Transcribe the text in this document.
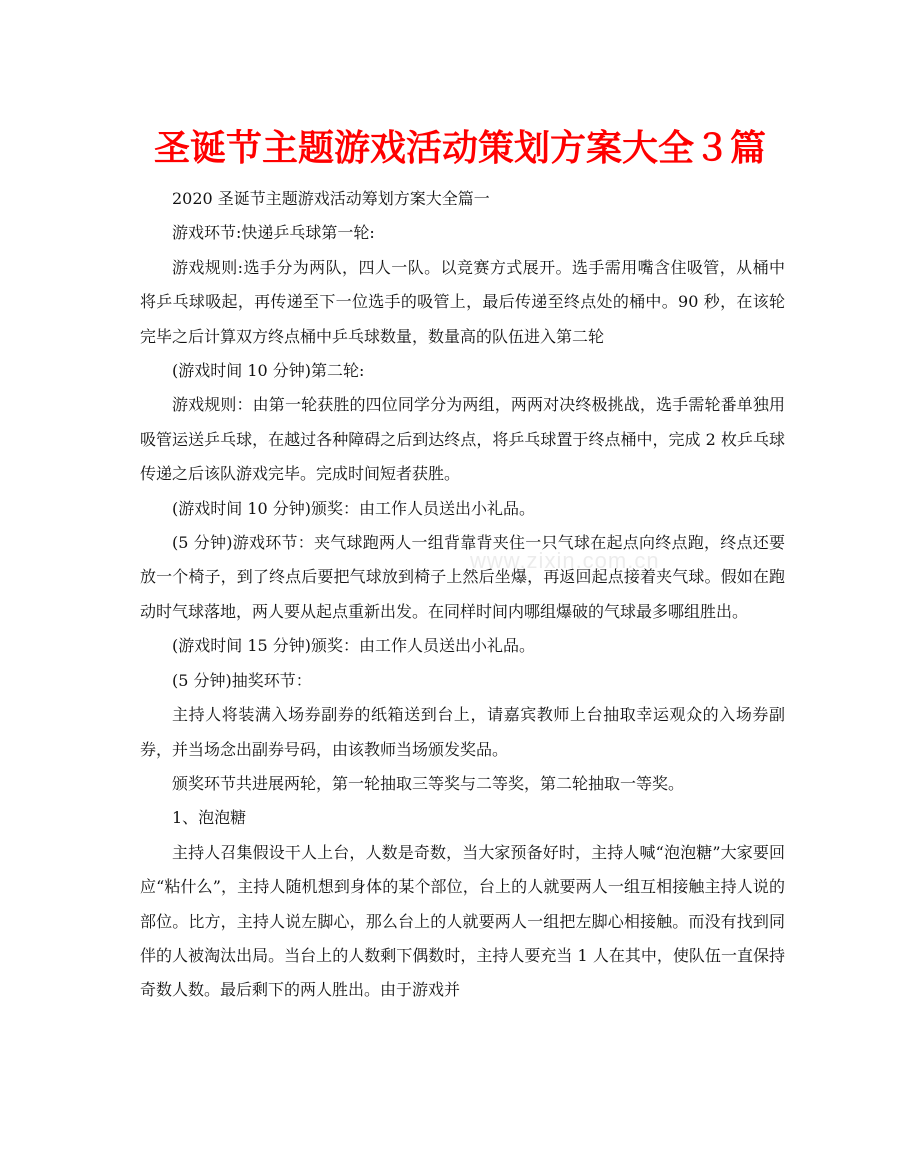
圣诞节主题游戏活动策划方案大全３篇
www.zixin.com.cn

2020 圣诞节主题游戏活动筹划方案大全篇一

游戏环节:快递乒乓球第一轮:

游戏规则:选手分为两队，四人一队。以竞赛方式展开。选手需用嘴含住吸管，从桶中将乒乓球吸起，再传递至下一位选手的吸管上，最后传递至终点处的桶中。90 秒，在该轮完毕之后计算双方终点桶中乒乓球数量，数量高的队伍进入第二轮

(游戏时间 10 分钟)第二轮:

游戏规则：由第一轮获胜的四位同学分为两组，两两对决终极挑战，选手需轮番单独用吸管运送乒乓球，在越过各种障碍之后到达终点，将乒乓球置于终点桶中，完成 2 枚乒乓球传递之后该队游戏完毕。完成时间短者获胜。

(游戏时间 10 分钟)颁奖：由工作人员送出小礼品。

(5 分钟)游戏环节：夹气球跑两人一组背靠背夹住一只气球在起点向终点跑，终点还要放一个椅子，到了终点后要把气球放到椅子上然后坐爆，再返回起点接着夹气球。假如在跑动时气球落地，两人要从起点重新出发。在同样时间内哪组爆破的气球最多哪组胜出。

(游戏时间 15 分钟)颁奖：由工作人员送出小礼品。

(5 分钟)抽奖环节：

主持人将装满入场券副券的纸箱送到台上，请嘉宾教师上台抽取幸运观众的入场券副券，并当场念出副券号码，由该教师当场颁发奖品。

颁奖环节共进展两轮，第一轮抽取三等奖与二等奖，第二轮抽取一等奖。

1、泡泡糖

主持人召集假设干人上台，人数是奇数，当大家预备好时，主持人喊“泡泡糖”大家要回应“粘什么”，主持人随机想到身体的某个部位，台上的人就要两人一组互相接触主持人说的部位。比方，主持人说左脚心，那么台上的人就要两人一组把左脚心相接触。而没有找到同伴的人被淘汰出局。当台上的人数剩下偶数时，主持人要充当 1 人在其中，使队伍一直保持奇数人数。最后剩下的两人胜出。由于游戏并
